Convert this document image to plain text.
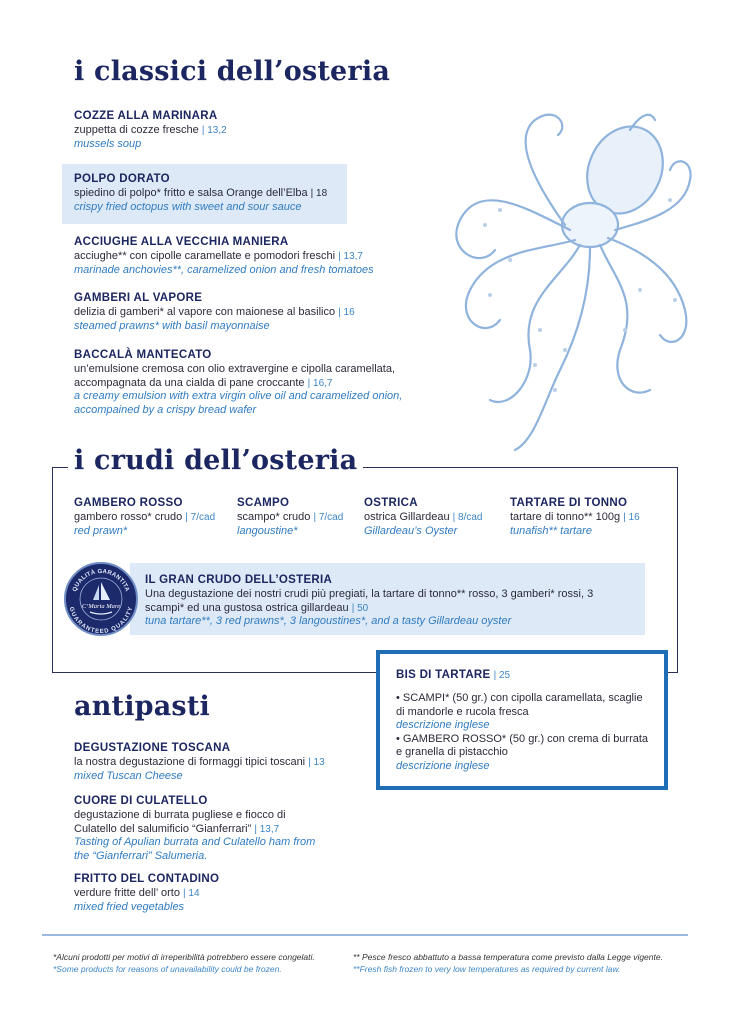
i classici dell’osteria
COZZE ALLA MARINARA
zuppetta di cozze fresche | 13,2
mussels soup
POLPO DORATO
spiedino di polpo* fritto e salsa Orange dell’Elba | 18
crispy fried octopus with sweet and sour sauce
ACCIUGHE ALLA VECCHIA MANIERA
acciughe** con cipolle caramellate e pomodori freschi | 13,7
marinade anchovies**, caramelized onion and fresh tomatoes
GAMBERI AL VAPORE
delizia di gamberi* al vapore con maionese al basilico | 16
steamed prawns* with basil mayonnaise
BACCALÀ MANTECATO
un’emulsione cremosa con olio extravergine e cipolla caramellata, accompagnata da una cialda di pane croccante | 16,7
a creamy emulsion with extra virgin olive oil and caramelized onion, accompained by a crispy bread wafer
i crudi dell’osteria
GAMBERO ROSSO
gambero rosso* crudo | 7/cad
red prawn*
SCAMPO
scampo* crudo | 7/cad
langoustine*
OSTRICA
ostrica Gillardeau | 8/cad
Gillardeau’s Oyster
TARTARE DI TONNO
tartare di tonno** 100g | 16
tunafish** tartare
QUALITÀ GARANTITA
GUARANTEED QUALITY
C’Maria Mare
IL GRAN CRUDO DELL’OSTERIA
Una degustazione dei nostri crudi più pregiati, la tartare di tonno** rosso, 3 gamberi* rossi, 3 scampi* ed una gustosa ostrica gillardeau | 50
tuna tartare**, 3 red prawns*, 3 langoustines*, and a tasty Gillardeau oyster
BIS DI TARTARE | 25
• SCAMPI* (50 gr.) con cipolla caramellata, scaglie di mandorle e rucola fresca
descrizione inglese
• GAMBERO ROSSO* (50 gr.) con crema di burrata e granella di pistacchio
descrizione inglese
antipasti
DEGUSTAZIONE TOSCANA
la nostra degustazione di formaggi tipici toscani | 13
mixed Tuscan Cheese
CUORE DI CULATELLO
degustazione di burrata pugliese e fiocco di Culatello del salumificio “Gianferrari” | 13,7
Tasting of Apulian burrata and Culatello ham from the “Gianferrari” Salumeria.
FRITTO DEL CONTADINO
verdure fritte dell’ orto | 14
mixed fried vegetables
*Alcuni prodotti per motivi di irreperibilità potrebbero essere congelati.
*Some products for reasons of unavailability could be frozen.
** Pesce fresco abbattuto a bassa temperatura come previsto dalla Legge vigente.
**Fresh fish frozen to very low temperatures as required by current law.
